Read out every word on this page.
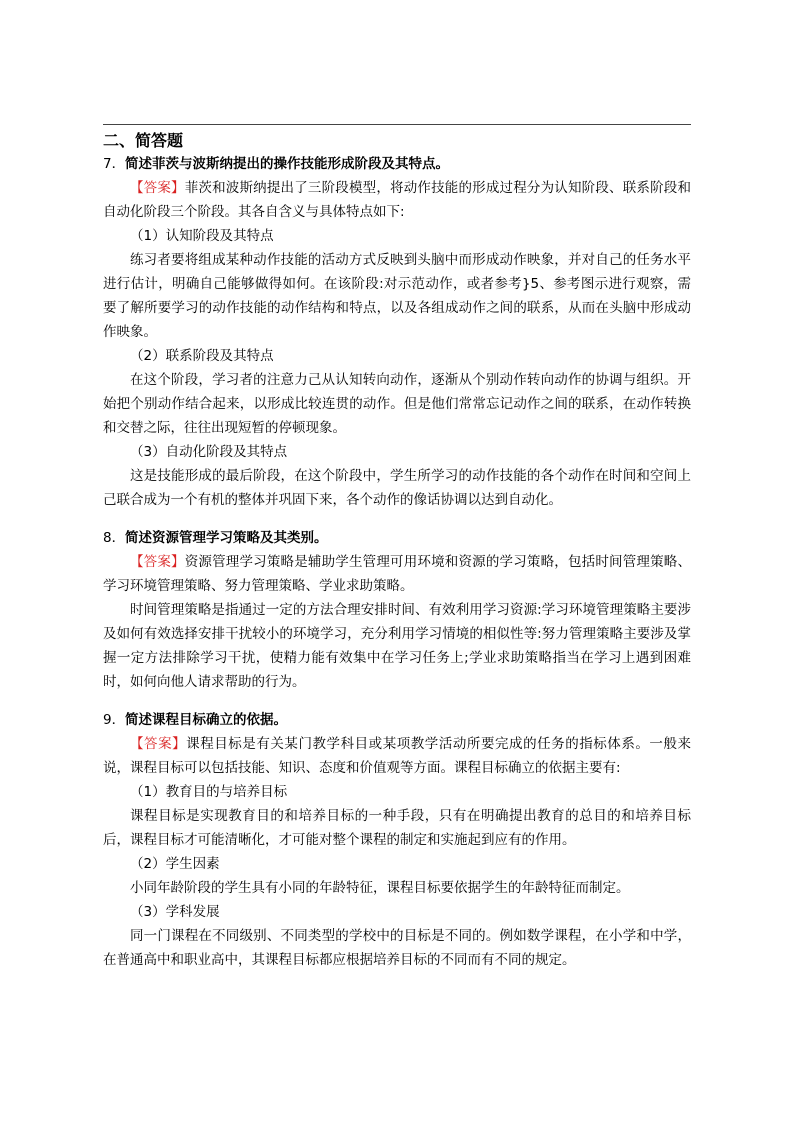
二、简答题

7．简述菲茨与波斯纳提出的操作技能形成阶段及其特点。

【答案】菲茨和波斯纳提出了三阶段模型，将动作技能的形成过程分为认知阶段、联系阶段和自动化阶段三个阶段。其各自含义与具体特点如下:

（1）认知阶段及其特点

练习者要将组成某种动作技能的活动方式反映到头脑中而形成动作映象，并对自己的任务水平进行估计，明确自己能够做得如何。在该阶段:对示范动作，或者参考}5、参考图示进行观察，需要了解所要学习的动作技能的动作结构和特点，以及各组成动作之间的联系，从而在头脑中形成动作映象。

（2）联系阶段及其特点

在这个阶段，学习者的注意力己从认知转向动作，逐渐从个别动作转向动作的协调与组织。开始把个别动作结合起来，以形成比较连贯的动作。但是他们常常忘记动作之间的联系，在动作转换和交替之际，往往出现短暂的停顿现象。

（3）自动化阶段及其特点

这是技能形成的最后阶段，在这个阶段中，学生所学习的动作技能的各个动作在时间和空间上己联合成为一个有机的整体并巩固下来，各个动作的像话协调以达到自动化。

8．简述资源管理学习策略及其类别。

【答案】资源管理学习策略是辅助学生管理可用环境和资源的学习策略，包括时间管理策略、学习环境管理策略、努力管理策略、学业求助策略。

时间管理策略是指通过一定的方法合理安排时间、有效利用学习资源:学习环境管理策略主要涉及如何有效选择安排干扰较小的环境学习，充分利用学习情境的相似性等:努力管理策略主要涉及掌握一定方法排除学习干扰，使精力能有效集中在学习任务上;学业求助策略指当在学习上遇到困难时，如何向他人请求帮助的行为。

9．简述课程目标确立的依据。

【答案】课程目标是有关某门教学科目或某项教学活动所要完成的任务的指标体系。一般来说，课程目标可以包括技能、知识、态度和价值观等方面。课程目标确立的依据主要有:

（1）教育目的与培养目标

课程目标是实现教育目的和培养目标的一种手段，只有在明确提出教育的总目的和培养目标后，课程目标才可能清晰化，才可能对整个课程的制定和实施起到应有的作用。

（2）学生因素

小同年龄阶段的学生具有小同的年龄特征，课程目标要依据学生的年龄特征而制定。

（3）学科发展

同一门课程在不同级别、不同类型的学校中的目标是不同的。例如数学课程，在小学和中学，在普通高中和职业高中，其课程目标都应根据培养目标的不同而有不同的规定。
